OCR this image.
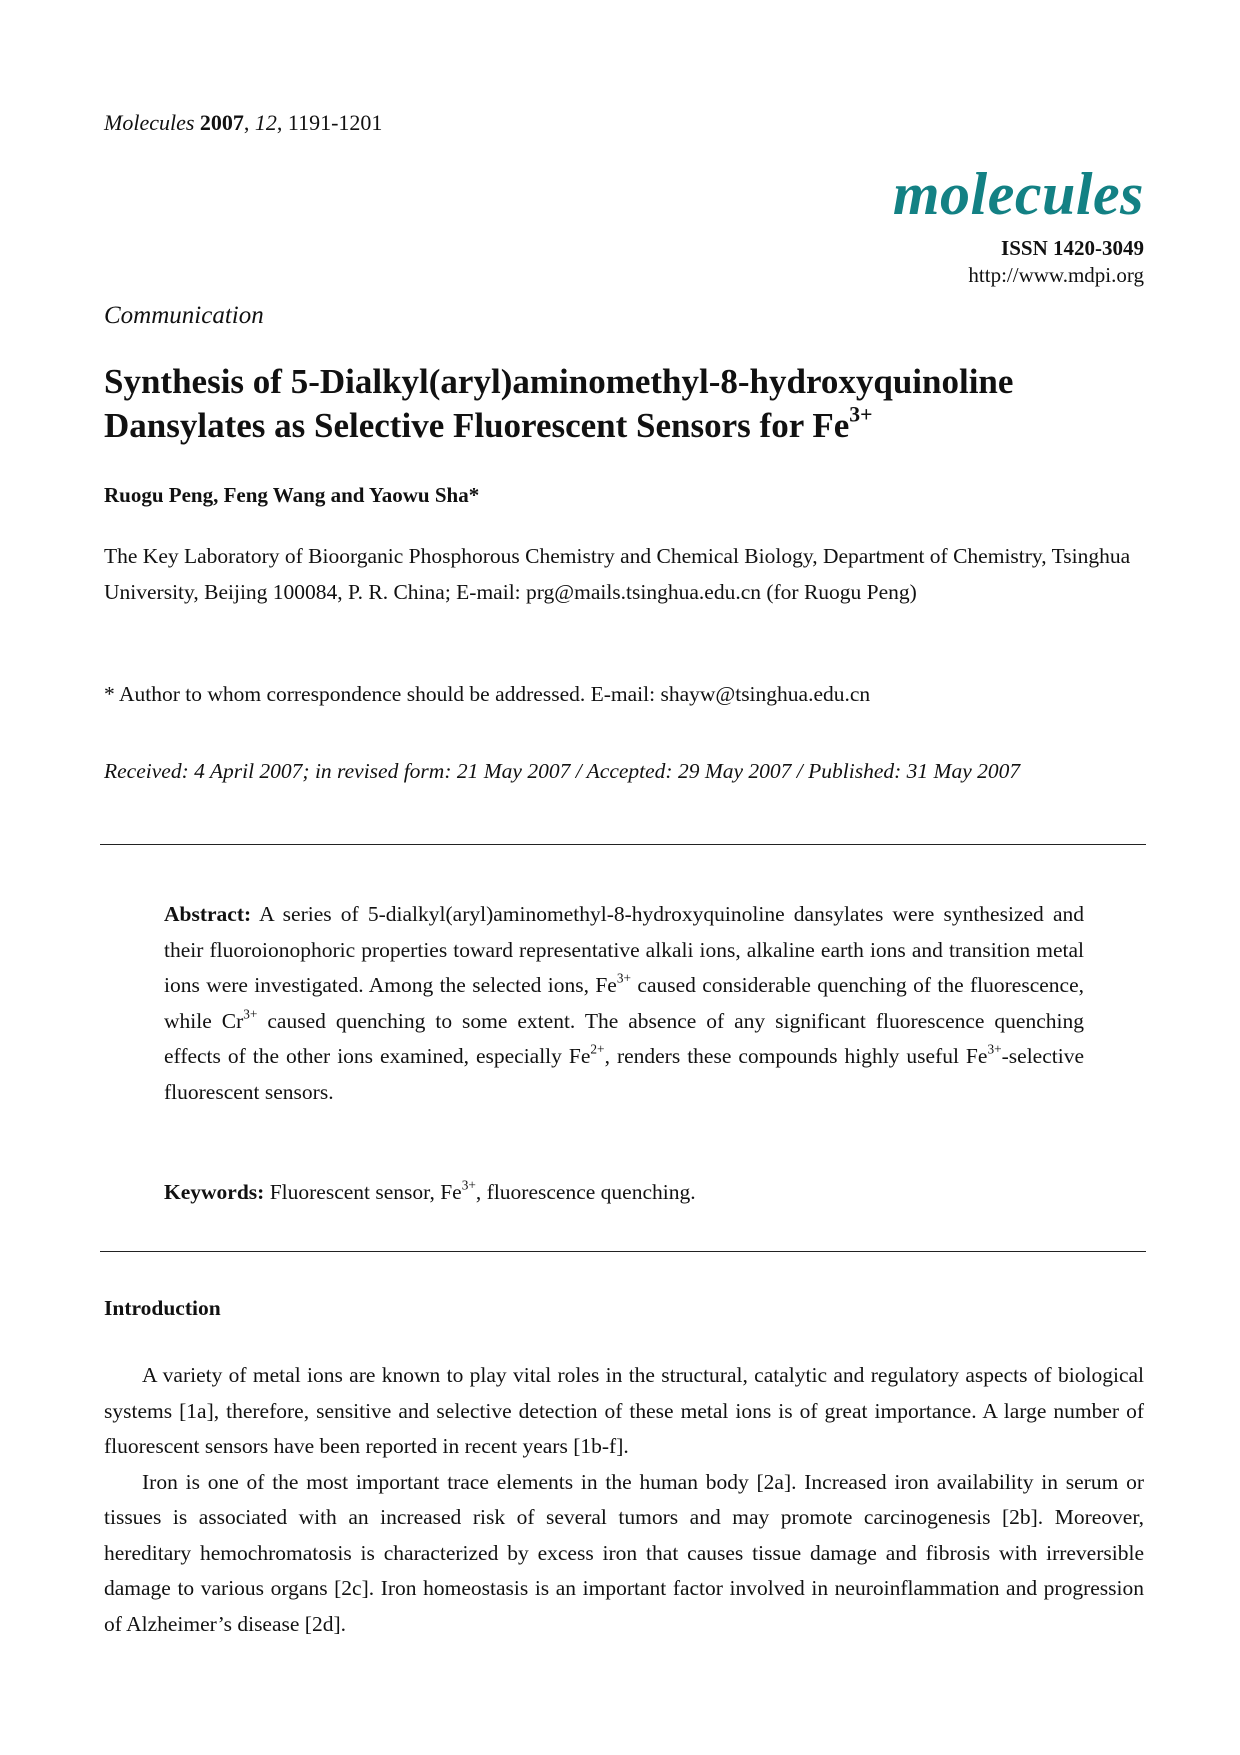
Molecules 2007, 12, 1191-1201
molecules
ISSN 1420-3049
http://www.mdpi.org
Communication
Synthesis of 5-Dialkyl(aryl)aminomethyl-8-hydroxyquinoline
Dansylates as Selective Fluorescent Sensors for $Fe^{3+}$
Ruogu Peng, Feng Wang and Yaowu Sha*
The Key Laboratory of Bioorganic Phosphorous Chemistry and Chemical Biology, Department of Chemistry, Tsinghua University, Beijing 100084, P. R. China; E-mail: prg@mails.tsinghua.edu.cn (for Ruogu Peng)
* Author to whom correspondence should be addressed. E-mail: shayw@tsinghua.edu.cn
Received: 4 April 2007; in revised form: 21 May 2007 / Accepted: 29 May 2007 / Published: 31 May 2007
Abstract: A series of 5-dialkyl(aryl)aminomethyl-8-hydroxyquinoline dansylates were synthesized and their fluoroionophoric properties toward representative alkali ions, alkaline earth ions and transition metal ions were investigated. Among the selected ions, $Fe^{3+}$ caused considerable quenching of the fluorescence, while $Cr^{3+}$ caused quenching to some extent. The absence of any significant fluorescence quenching effects of the other ions examined, especially $Fe^{2+}$, renders these compounds highly useful $Fe^{3+}$-selective fluorescent sensors.
Keywords: Fluorescent sensor, $Fe^{3+}$, fluorescence quenching.
Introduction

A variety of metal ions are known to play vital roles in the structural, catalytic and regulatory aspects of biological systems [1a], therefore, sensitive and selective detection of these metal ions is of great importance. A large number of fluorescent sensors have been reported in recent years [1b-f].

Iron is one of the most important trace elements in the human body [2a]. Increased iron availability in serum or tissues is associated with an increased risk of several tumors and may promote carcinogenesis [2b]. Moreover, hereditary hemochromatosis is characterized by excess iron that causes tissue damage and fibrosis with irreversible damage to various organs [2c]. Iron homeostasis is an important factor involved in neuroinflammation and progression of Alzheimer’s disease [2d].
